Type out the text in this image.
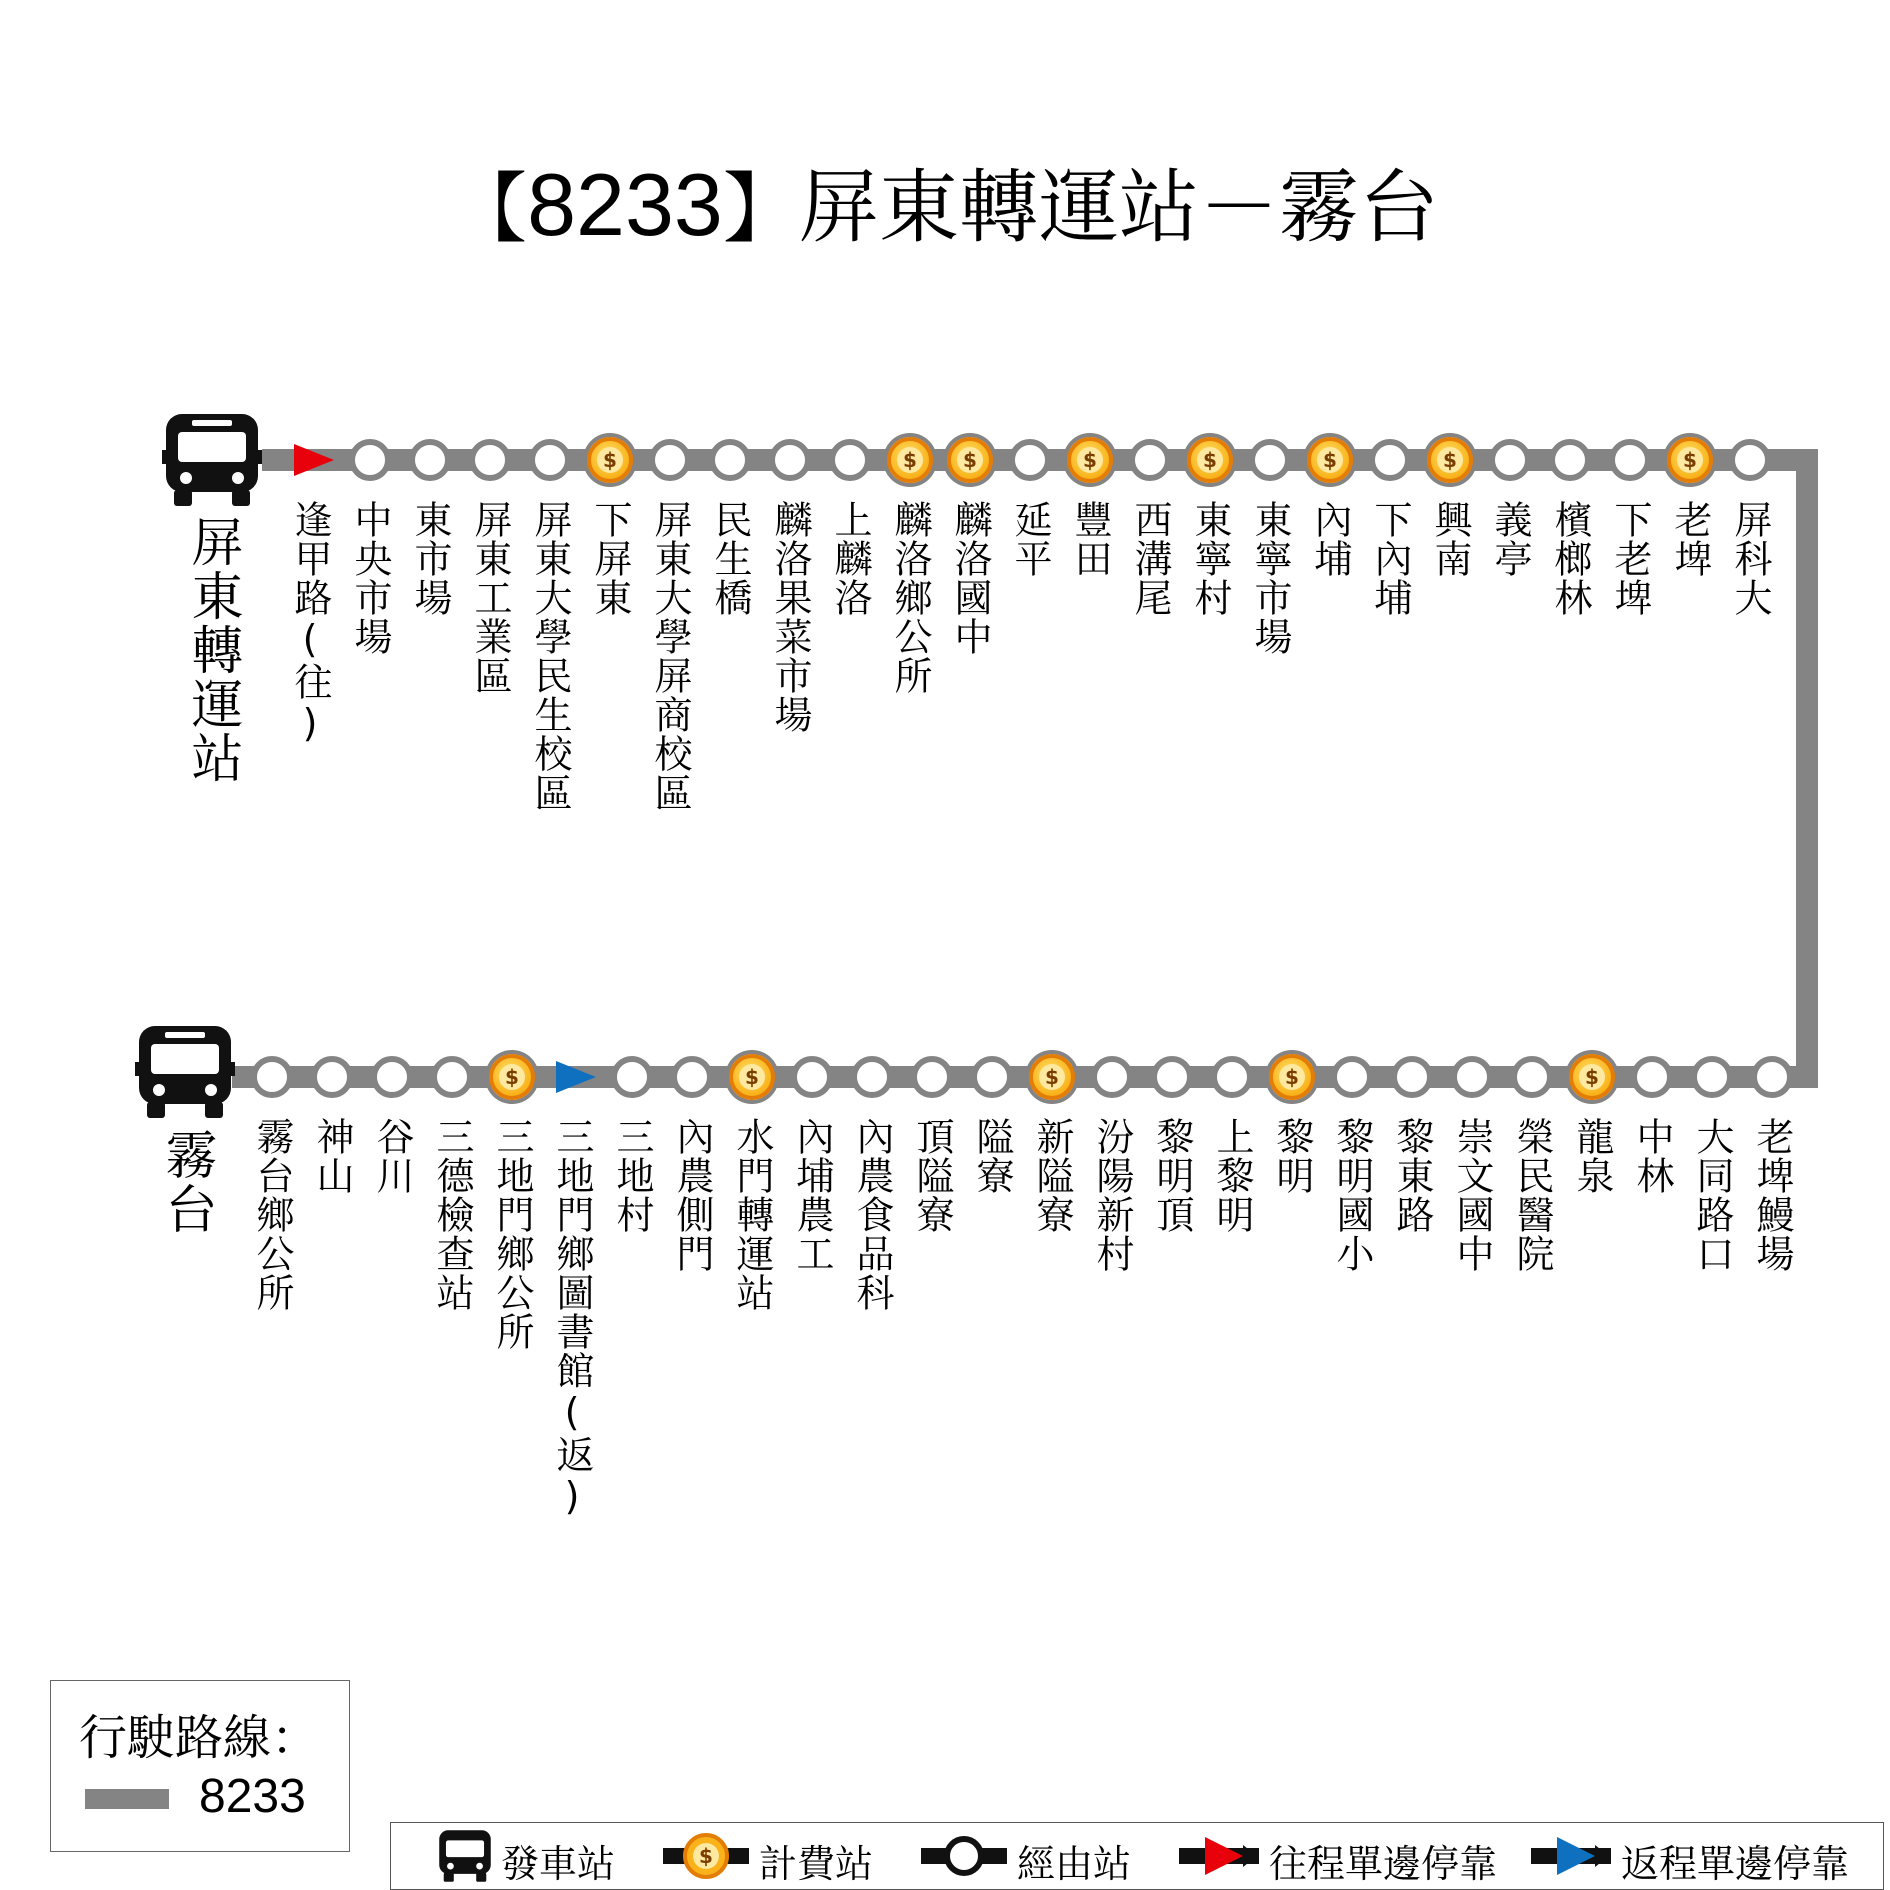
【8233】屏東轉運站－霧台
屏東轉運站
霧台
逢甲路(往) 中央市場 東市場 屏東工業區 屏東大學民生校區
$
下屏東 屏東大學屏商校區 民生橋 麟洛果菜市場 上麟洛
$
麟洛鄉公所
$
麟洛國中 延平
$
豐田 西溝尾
$
東寧村 東寧市場
$
內埔 下內埔
$
興南 義亭 檳榔林 下老埤
$
老埤 屏科大
霧台鄉公所 神山 谷川 三德檢查站
$
三地門鄉公所 三地門鄉圖書館(返) 三地村 內農側門
$
水門轉運站 內埔農工 內農食品科 頂隘寮 隘寮
$
新隘寮 汾陽新村 黎明頂 上黎明
$
黎明 黎明國小 黎東路 崇文國中 榮民醫院
$
龍泉 中林 大同路口 老埤鰻場
行駛路線：
8233
發車站	$ 計費站	經由站	往程單邊停靠	返程單邊停靠
